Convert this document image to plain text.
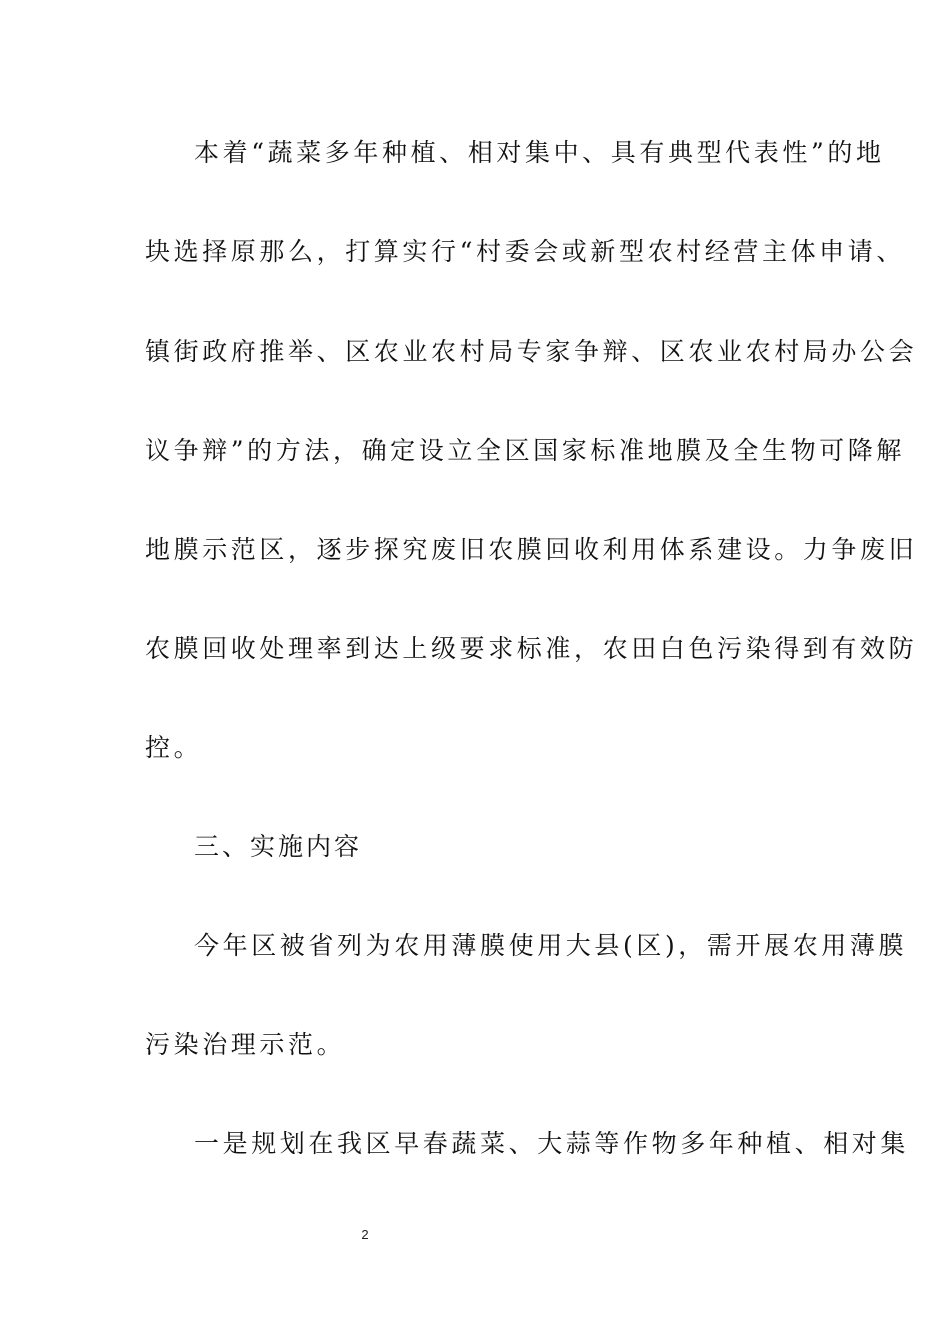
本着“蔬菜多年种植、相对集中、具有典型代表性”的地
块选择原那么，打算实行“村委会或新型农村经营主体申请、
镇街政府推举、区农业农村局专家争辩、区农业农村局办公会
议争辩”的方法，确定设立全区国家标准地膜及全生物可降解
地膜示范区，逐步探究废旧农膜回收利用体系建设。力争废旧
农膜回收处理率到达上级要求标准，农田白色污染得到有效防
控。
三、实施内容
今年区被省列为农用薄膜使用大县(区)，需开展农用薄膜
污染治理示范。
一是规划在我区早春蔬菜、大蒜等作物多年种植、相对集
2
